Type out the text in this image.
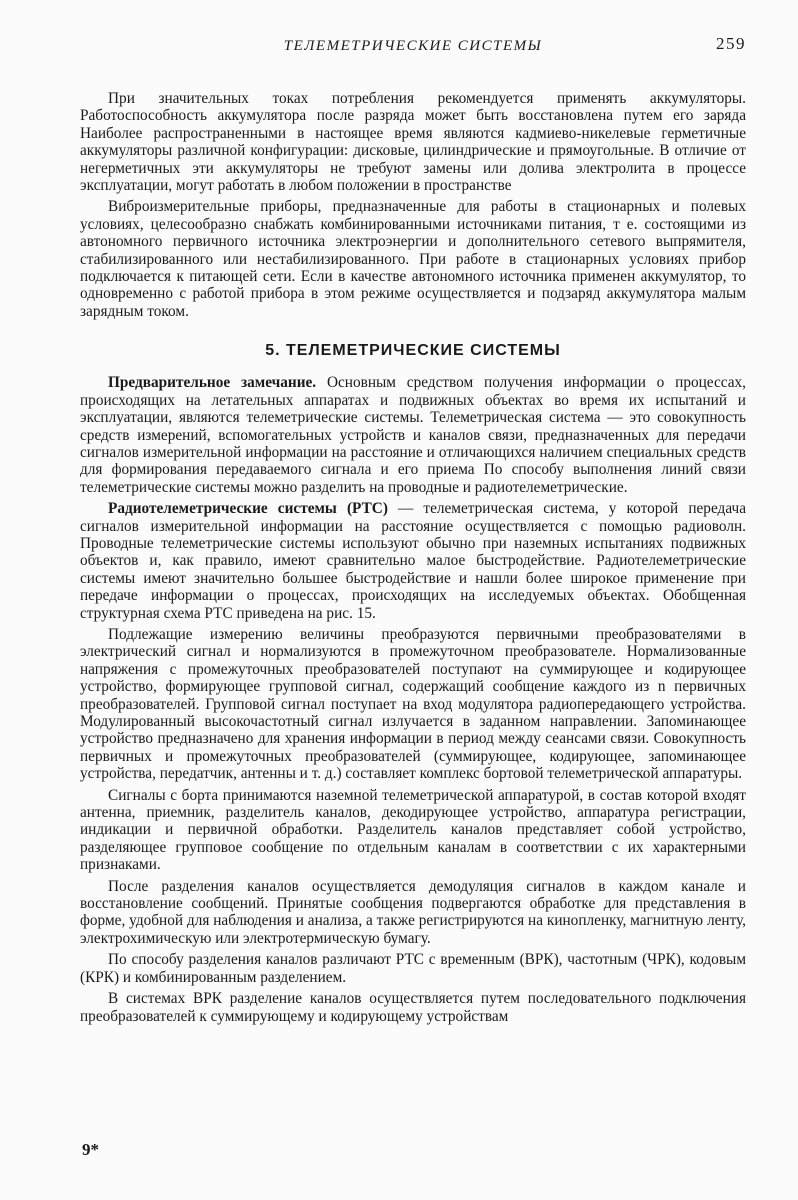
ТЕЛЕМЕТРИЧЕСКИЕ СИСТЕМЫ	259

При значительных токах потребления рекомендуется применять аккумуляторы. Работоспособность аккумулятора после разряда может быть восстановлена путем его заряда Наиболее распространенными в настоящее время являются кадмиево-никелевые герметичные аккумуляторы различной конфигурации: дисковые, цилиндрические и прямоугольные. В отличие от негерметичных эти аккумуляторы не требуют замены или долива электролита в процессе эксплуатации, могут работать в любом положении в пространстве

Виброизмерительные приборы, предназначенные для работы в стационарных и полевых условиях, целесообразно снабжать комбинированными источниками питания, т е. состоящими из автономного первичного источника электроэнергии и дополнительного сетевого выпрямителя, стабилизированного или нестабилизированного. При работе в стационарных условиях прибор подключается к питающей сети. Если в качестве автономного источника применен аккумулятор, то одновременно с работой прибора в этом режиме осуществляется и подзаряд аккумулятора малым зарядным током.

5. ТЕЛЕМЕТРИЧЕСКИЕ СИСТЕМЫ

Предварительное замечание. Основным средством получения информации о процессах, происходящих на летательных аппаратах и подвижных объектах во время их испытаний и эксплуатации, являются телеметрические системы. Телеметрическая система — это совокупность средств измерений, вспомогательных устройств и каналов связи, предназначенных для передачи сигналов измерительной информации на расстояние и отличающихся наличием специальных средств для формирования передаваемого сигнала и его приема По способу выполнения линий связи телеметрические системы можно разделить на проводные и радиотелеметрические.

Радиотелеметрические системы (РТС) — телеметрическая система, у которой передача сигналов измерительной информации на расстояние осуществляется с помощью радиоволн. Проводные телеметрические системы используют обычно при наземных испытаниях подвижных объектов и, как правило, имеют сравнительно малое быстродействие. Радиотелеметрические системы имеют значительно большее быстродействие и нашли более широкое применение при передаче информации о процессах, происходящих на исследуемых объектах. Обобщенная структурная схема РТС приведена на рис. 15.

Подлежащие измерению величины преобразуются первичными преобразователями в электрический сигнал и нормализуются в промежуточном преобразователе. Нормализованные напряжения с промежуточных преобразователей поступают на суммирующее и кодирующее устройство, формирующее групповой сигнал, содержащий сообщение каждого из n первичных преобразователей. Групповой сигнал поступает на вход модулятора радиопередающего устройства. Модулированный высокочастотный сигнал излучается в заданном направлении. Запоминающее устройство предназначено для хранения информации в период между сеансами связи. Совокупность первичных и промежуточных преобразователей (суммирующее, кодирующее, запоминающее устройства, передатчик, антенны и т. д.) составляет комплекс бортовой телеметрической аппаратуры.

Сигналы с борта принимаются наземной телеметрической аппаратурой, в состав которой входят антенна, приемник, разделитель каналов, декодирующее устройство, аппаратура регистрации, индикации и первичной обработки. Разделитель каналов представляет собой устройство, разделяющее групповое сообщение по отдельным каналам в соответствии с их характерными признаками.

После разделения каналов осуществляется демодуляция сигналов в каждом канале и восстановление сообщений. Принятые сообщения подвергаются обработке для представления в форме, удобной для наблюдения и анализа, а также регистрируются на кинопленку, магнитную ленту, электрохимическую или электротермическую бумагу.

По способу разделения каналов различают РТС с временным (ВРК), частотным (ЧРК), кодовым (КРК) и комбинированным разделением.

В системах ВРК разделение каналов осуществляется путем последовательного подключения преобразователей к суммирующему и кодирующему устройствам

9*
